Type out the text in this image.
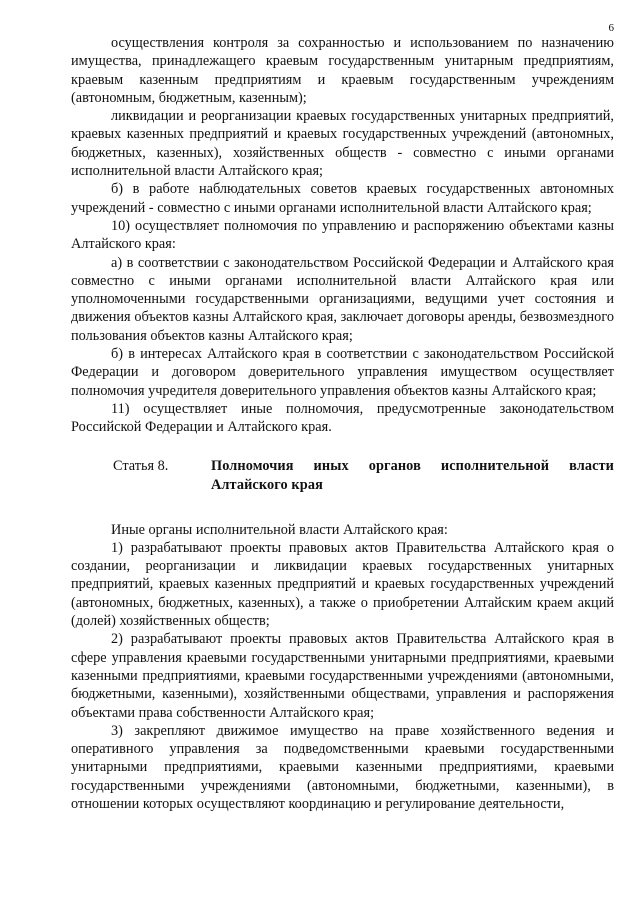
6

осуществления контроля за сохранностью и использованием по назначению имущества, принадлежащего краевым государственным унитарным предприятиям, краевым казенным предприятиям и краевым государственным учреждениям (автономным, бюджетным, казенным);

ликвидации и реорганизации краевых государственных унитарных предприятий, краевых казенных предприятий и краевых государственных учреждений (автономных, бюджетных, казенных), хозяйственных обществ - совместно с иными органами исполнительной власти Алтайского края;

б) в работе наблюдательных советов краевых государственных автономных учреждений - совместно с иными органами исполнительной власти Алтайского края;

10) осуществляет полномочия по управлению и распоряжению объектами казны Алтайского края:

а) в соответствии с законодательством Российской Федерации и Алтайского края совместно с иными органами исполнительной власти Алтайского края или уполномоченными государственными организациями, ведущими учет состояния и движения объектов казны Алтайского края, заключает договоры аренды, безвозмездного пользования объектов казны Алтайского края;

б) в интересах Алтайского края в соответствии с законодательством Российской Федерации и договором доверительного управления имуществом осуществляет полномочия учредителя доверительного управления объектов казны Алтайского края;

11) осуществляет иные полномочия, предусмотренные законодательством Российской Федерации и Алтайского края.

Статья 8.	Полномочия иных органов исполнительной власти Алтайского края

Иные органы исполнительной власти Алтайского края:

1) разрабатывают проекты правовых актов Правительства Алтайского края о создании, реорганизации и ликвидации краевых государственных унитарных предприятий, краевых казенных предприятий и краевых государственных учреждений (автономных, бюджетных, казенных), а также о приобретении Алтайским краем акций (долей) хозяйственных обществ;

2) разрабатывают проекты правовых актов Правительства Алтайского края в сфере управления краевыми государственными унитарными предприятиями, краевыми казенными предприятиями, краевыми государственными учреждениями (автономными, бюджетными, казенными), хозяйственными обществами, управления и распоряжения объектами права собственности Алтайского края;

3) закрепляют движимое имущество на праве хозяйственного ведения и оперативного управления за подведомственными краевыми государственными унитарными предприятиями, краевыми казенными предприятиями, краевыми государственными учреждениями (автономными, бюджетными, казенными), в отношении которых осуществляют координацию и регулирование деятельности,
